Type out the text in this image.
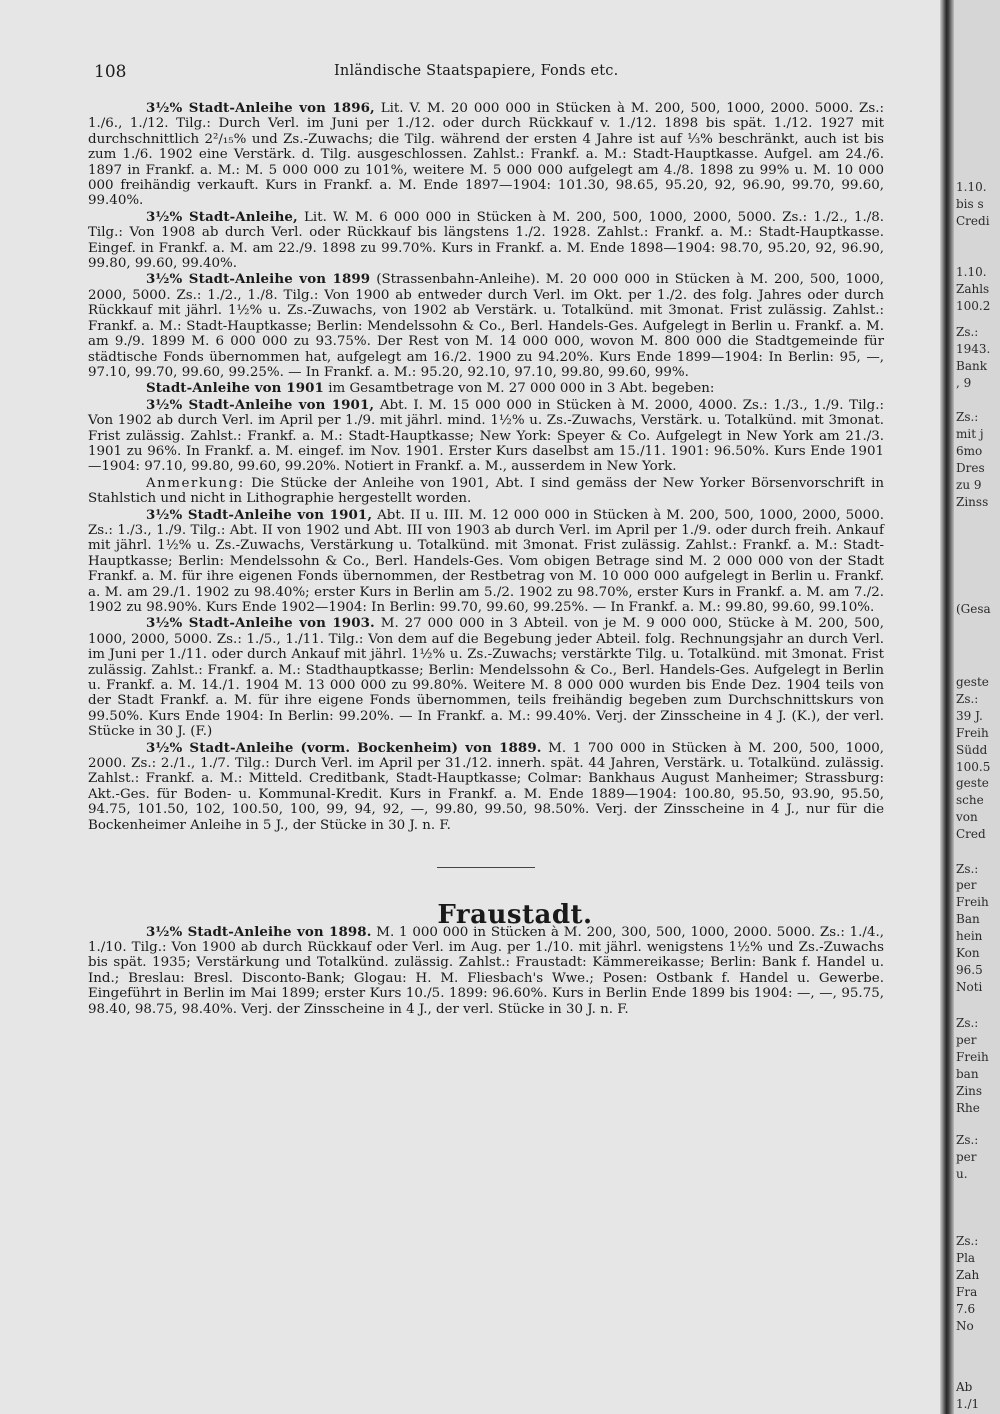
108	Inländische Staatspapiere, Fonds etc.

3½% Stadt-Anleihe von 1896, Lit. V. M. 20 000 000 in Stücken à M. 200, 500, 1000, 2000. 5000. Zs.: 1./6., 1./12. Tilg.: Durch Verl. im Juni per 1./12. oder durch Rückkauf v. 1./12. 1898 bis spät. 1./12. 1927 mit durchschnittlich 2²/₁₅% und Zs.-Zuwachs; die Tilg. während der ersten 4 Jahre ist auf ⅓% beschränkt, auch ist bis zum 1./6. 1902 eine Verstärk. d. Tilg. ausgeschlossen. Zahlst.: Frankf. a. M.: Stadt-Hauptkasse. Aufgel. am 24./6. 1897 in Frankf. a. M.: M. 5 000 000 zu 101%, weitere M. 5 000 000 aufgelegt am 4./8. 1898 zu 99% u. M. 10 000 000 freihändig verkauft. Kurs in Frankf. a. M. Ende 1897—1904: 101.30, 98.65, 95.20, 92, 96.90, 99.70, 99.60, 99.40%.

3½% Stadt-Anleihe, Lit. W. M. 6 000 000 in Stücken à M. 200, 500, 1000, 2000, 5000. Zs.: 1./2., 1./8. Tilg.: Von 1908 ab durch Verl. oder Rückkauf bis längstens 1./2. 1928. Zahlst.: Frankf. a. M.: Stadt-Hauptkasse. Eingef. in Frankf. a. M. am 22./9. 1898 zu 99.70%. Kurs in Frankf. a. M. Ende 1898—1904: 98.70, 95.20, 92, 96.90, 99.80, 99.60, 99.40%.

3½% Stadt-Anleihe von 1899 (Strassenbahn-Anleihe). M. 20 000 000 in Stücken à M. 200, 500, 1000, 2000, 5000. Zs.: 1./2., 1./8. Tilg.: Von 1900 ab entweder durch Verl. im Okt. per 1./2. des folg. Jahres oder durch Rückkauf mit jährl. 1½% u. Zs.-Zuwachs, von 1902 ab Verstärk. u. Totalkünd. mit 3monat. Frist zulässig. Zahlst.: Frankf. a. M.: Stadt-Hauptkasse; Berlin: Mendelssohn & Co., Berl. Handels-Ges. Aufgelegt in Berlin u. Frankf. a. M. am 9./9. 1899 M. 6 000 000 zu 93.75%. Der Rest von M. 14 000 000, wovon M. 800 000 die Stadtgemeinde für städtische Fonds übernommen hat, aufgelegt am 16./2. 1900 zu 94.20%. Kurs Ende 1899—1904: In Berlin: 95, —, 97.10, 99.70, 99.60, 99.25%. — In Frankf. a. M.: 95.20, 92.10, 97.10, 99.80, 99.60, 99%.

Stadt-Anleihe von 1901 im Gesamtbetrage von M. 27 000 000 in 3 Abt. begeben:

3½% Stadt-Anleihe von 1901, Abt. I. M. 15 000 000 in Stücken à M. 2000, 4000. Zs.: 1./3., 1./9. Tilg.: Von 1902 ab durch Verl. im April per 1./9. mit jährl. mind. 1½% u. Zs.-Zuwachs, Verstärk. u. Totalkünd. mit 3monat. Frist zulässig. Zahlst.: Frankf. a. M.: Stadt-Hauptkasse; New York: Speyer & Co. Aufgelegt in New York am 21./3. 1901 zu 96%. In Frankf. a. M. eingef. im Nov. 1901. Erster Kurs daselbst am 15./11. 1901: 96.50%. Kurs Ende 1901—1904: 97.10, 99.80, 99.60, 99.20%. Notiert in Frankf. a. M., ausserdem in New York.

Anmerkung: Die Stücke der Anleihe von 1901, Abt. I sind gemäss der New Yorker Börsenvorschrift in Stahlstich und nicht in Lithographie hergestellt worden.

3½% Stadt-Anleihe von 1901, Abt. II u. III. M. 12 000 000 in Stücken à M. 200, 500, 1000, 2000, 5000. Zs.: 1./3., 1./9. Tilg.: Abt. II von 1902 und Abt. III von 1903 ab durch Verl. im April per 1./9. oder durch freih. Ankauf mit jährl. 1½% u. Zs.-Zuwachs, Verstärkung u. Totalkünd. mit 3monat. Frist zulässig. Zahlst.: Frankf. a. M.: Stadt-Hauptkasse; Berlin: Mendelssohn & Co., Berl. Handels-Ges. Vom obigen Betrage sind M. 2 000 000 von der Stadt Frankf. a. M. für ihre eigenen Fonds übernommen, der Restbetrag von M. 10 000 000 aufgelegt in Berlin u. Frankf. a. M. am 29./1. 1902 zu 98.40%; erster Kurs in Berlin am 5./2. 1902 zu 98.70%, erster Kurs in Frankf. a. M. am 7./2. 1902 zu 98.90%. Kurs Ende 1902—1904: In Berlin: 99.70, 99.60, 99.25%. — In Frankf. a. M.: 99.80, 99.60, 99.10%.

3½% Stadt-Anleihe von 1903. M. 27 000 000 in 3 Abteil. von je M. 9 000 000, Stücke à M. 200, 500, 1000, 2000, 5000. Zs.: 1./5., 1./11. Tilg.: Von dem auf die Begebung jeder Abteil. folg. Rechnungsjahr an durch Verl. im Juni per 1./11. oder durch Ankauf mit jährl. 1½% u. Zs.-Zuwachs; verstärkte Tilg. u. Totalkünd. mit 3monat. Frist zulässig. Zahlst.: Frankf. a. M.: Stadthauptkasse; Berlin: Mendelssohn & Co., Berl. Handels-Ges. Aufgelegt in Berlin u. Frankf. a. M. 14./1. 1904 M. 13 000 000 zu 99.80%. Weitere M. 8 000 000 wurden bis Ende Dez. 1904 teils von der Stadt Frankf. a. M. für ihre eigene Fonds übernommen, teils freihändig begeben zum Durchschnittskurs von 99.50%. Kurs Ende 1904: In Berlin: 99.20%. — In Frankf. a. M.: 99.40%. Verj. der Zinsscheine in 4 J. (K.), der verl. Stücke in 30 J. (F.)

3½% Stadt-Anleihe (vorm. Bockenheim) von 1889. M. 1 700 000 in Stücken à M. 200, 500, 1000, 2000. Zs.: 2./1., 1./7. Tilg.: Durch Verl. im April per 31./12. innerh. spät. 44 Jahren, Verstärk. u. Totalkünd. zulässig. Zahlst.: Frankf. a. M.: Mitteld. Creditbank, Stadt-Hauptkasse; Colmar: Bankhaus August Manheimer; Strassburg: Akt.-Ges. für Boden- u. Kommunal-Kredit. Kurs in Frankf. a. M. Ende 1889—1904: 100.80, 95.50, 93.90, 95.50, 94.75, 101.50, 102, 100.50, 100, 99, 94, 92, —, 99.80, 99.50, 98.50%. Verj. der Zinsscheine in 4 J., nur für die Bockenheimer Anleihe in 5 J., der Stücke in 30 J. n. F.

Fraustadt.

3½% Stadt-Anleihe von 1898. M. 1 000 000 in Stücken à M. 200, 300, 500, 1000, 2000. 5000. Zs.: 1./4., 1./10. Tilg.: Von 1900 ab durch Rückkauf oder Verl. im Aug. per 1./10. mit jährl. wenigstens 1½% und Zs.-Zuwachs bis spät. 1935; Verstärkung und Totalkünd. zulässig. Zahlst.: Fraustadt: Kämmereikasse; Berlin: Bank f. Handel u. Ind.; Breslau: Bresl. Disconto-Bank; Glogau: H. M. Fliesbach's Wwe.; Posen: Ostbank f. Handel u. Gewerbe. Eingeführt in Berlin im Mai 1899; erster Kurs 10./5. 1899: 96.60%. Kurs in Berlin Ende 1899 bis 1904: —, —, 95.75, 98.40, 98.75, 98.40%. Verj. der Zinsscheine in 4 J., der verl. Stücke in 30 J. n. F.

1.10.
bis s
Credi
1.10.
Zahls
100.2
Zs.:
1943.
Bank
, 9
Zs.:
mit j
6mo
Dres
zu 9
Zinss
(Gesa
geste
Zs.:
39 J.
Freih
Südd
100.5
geste
sche
von
Cred
Zs.:
per
Freih
Ban
hein
Kon
96.5
Noti
Zs.:
per
Freih
ban
Zins
Rhe
Zs.:
per
u.
Zs.:
Pla
Zah
Fra
7.6
No
Ab
1./1
